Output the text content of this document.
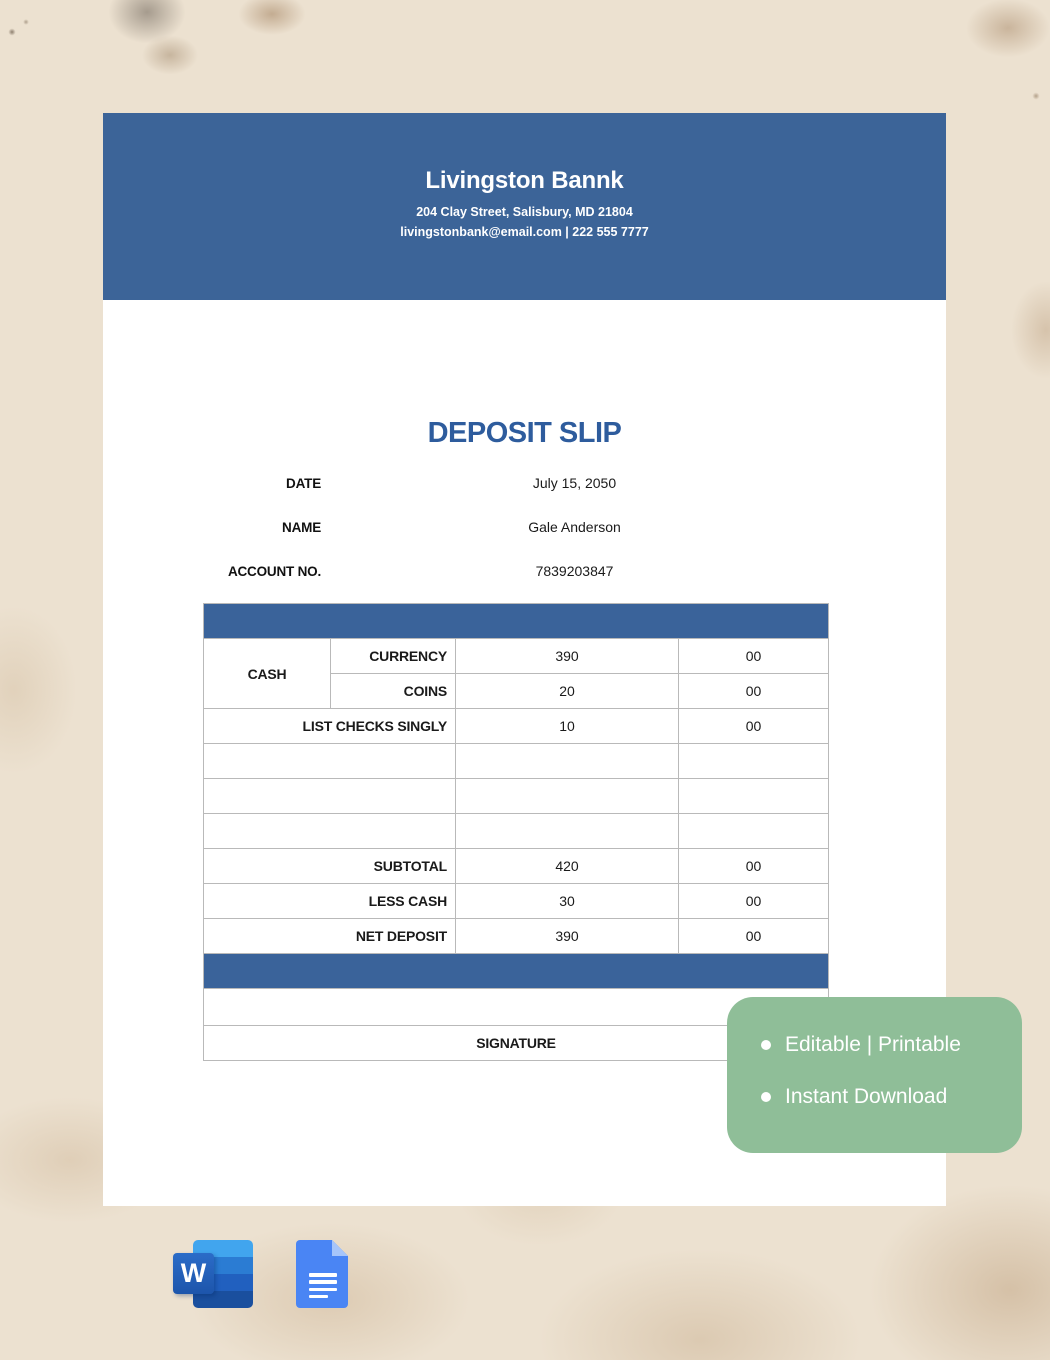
Livingston Bannk
204 Clay Street, Salisbury, MD 21804
livingstonbank@email.com | 222 555 7777
DEPOSIT SLIP
DATE	July 15, 2050
NAME	Gale Anderson
ACCOUNT NO.	7839203847

CASH	CURRENCY	390	00
	COINS	20	00
LIST CHECKS SINGLY		10	00

SUBTOTAL		420	00
LESS CASH		30	00
NET DEPOSIT		390	00

SIGNATURE				Editable | Printable
Instant Download
W
